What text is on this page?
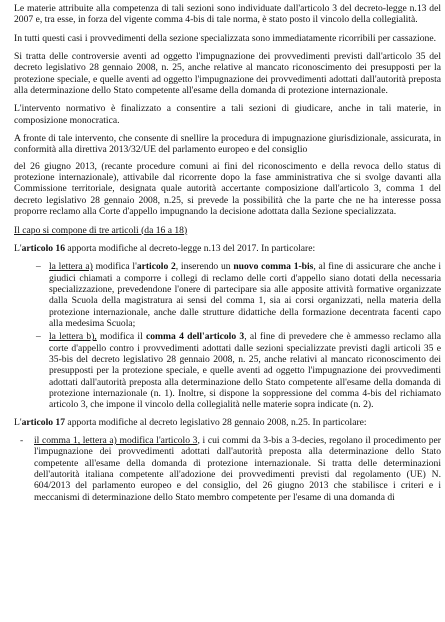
Le materie attribuite alla competenza di tali sezioni sono individuate dall'articolo 3 del decreto-legge n.13 del 2007 e, tra esse, in forza del vigente comma 4-bis di tale norma, è stato posto il vincolo della collegialità.

In tutti questi casi i provvedimenti della sezione specializzata sono immediatamente ricorribili per cassazione.

Si tratta delle controversie aventi ad oggetto l'impugnazione dei provvedimenti previsti dall'articolo 35 del decreto legislativo 28 gennaio 2008, n. 25, anche relative al mancato riconoscimento dei presupposti per la protezione speciale, e quelle aventi ad oggetto l'impugnazione dei provvedimenti adottati dall'autorità preposta alla determinazione dello Stato competente all'esame della domanda di protezione internazionale.

L'intervento normativo è finalizzato a consentire a tali sezioni di giudicare, anche in tali materie, in composizione monocratica.

A fronte di tale intervento, che consente di snellire la procedura di impugnazione giurisdizionale, assicurata, in conformità alla direttiva 2013/32/UE del parlamento europeo e del consiglio

del 26 giugno 2013, (recante procedure comuni ai fini del riconoscimento e della revoca dello status di protezione internazionale), attivabile dal ricorrente dopo la fase amministrativa che si svolge davanti alla Commissione territoriale, designata quale autorità accertante composizione dall'articolo 3, comma 1 del decreto legislativo 28 gennaio 2008, n.25, si prevede la possibilità che la parte che ne ha interesse possa proporre reclamo alla Corte d'appello impugnando la decisione adottata dalla Sezione specializzata.

Il capo si compone di tre articoli (da 16 a 18)

L'articolo 16 apporta modifiche al decreto-legge n.13 del 2017. In particolare:

– la lettera a) modifica l'articolo 2, inserendo un nuovo comma 1-bis, al fine di assicurare che anche i giudici chiamati a comporre i collegi di reclamo delle corti d'appello siano dotati della necessaria specializzazione, prevedendone l'onere di partecipare sia alle apposite attività formative organizzate dalla Scuola della magistratura ai sensi del comma 1, sia ai corsi organizzati, nella materia della protezione internazionale, anche dalle strutture didattiche della formazione decentrata facenti capo alla medesima Scuola;
– la lettera b), modifica il comma 4 dell'articolo 3, al fine di prevedere che è ammesso reclamo alla corte d'appello contro i provvedimenti adottati dalle sezioni specializzate previsti dagli articoli 35 e 35-bis del decreto legislativo 28 gennaio 2008, n. 25, anche relativi al mancato riconoscimento dei presupposti per la protezione speciale, e quelle aventi ad oggetto l'impugnazione dei provvedimenti adottati dall'autorità preposta alla determinazione dello Stato competente all'esame della domanda di protezione internazionale (n. 1). Inoltre, si dispone la soppressione del comma 4-bis del richiamato articolo 3, che impone il vincolo della collegialità nelle materie sopra indicate (n. 2).

L'articolo 17 apporta modifiche al decreto legislativo 28 gennaio 2008, n.25. In particolare:

- il comma 1, lettera a) modifica l'articolo 3, i cui commi da 3-bis a 3-decies, regolano il procedimento per l'impugnazione dei provvedimenti adottati dall'autorità preposta alla determinazione dello Stato competente all'esame della domanda di protezione internazionale. Si tratta delle determinazioni dell'autorità italiana competente all'adozione dei provvedimenti previsti dal regolamento (UE) N. 604/2013 del parlamento europeo e del consiglio, del 26 giugno 2013 che stabilisce i criteri e i meccanismi di determinazione dello Stato membro competente per l'esame di una domanda di
